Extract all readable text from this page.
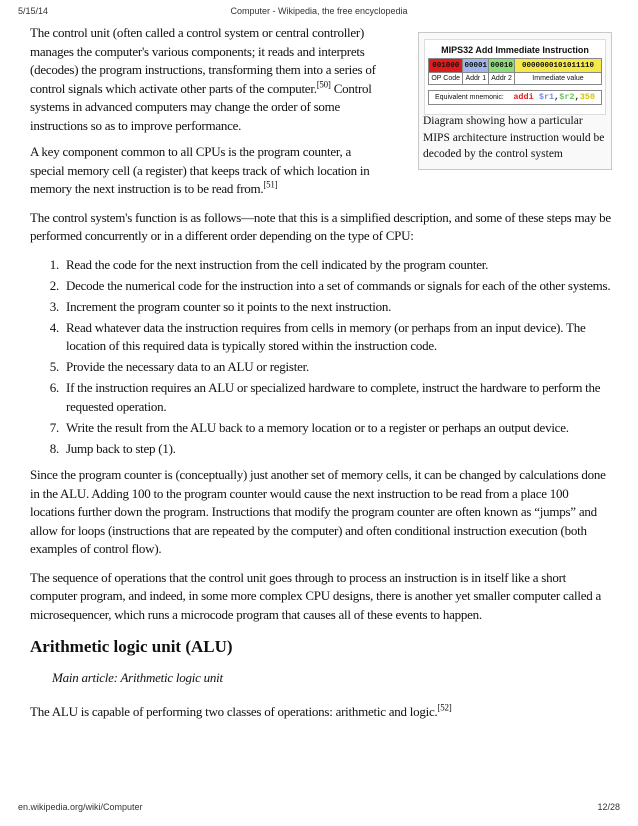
5/15/14	Computer - Wikipedia, the free encyclopedia
MIPS32 Add Immediate Instruction
001000 00001 00010	0000000101011110
OP Code Addr 1 Addr 2	Immediate value
Equivalent mnemonic: addi $r1,$r2,350
Diagram showing how a particular MIPS architecture instruction would be decoded by the control system

The control unit (often called a control system or central controller) manages the computer's various components; it reads and interprets (decodes) the program instructions, transforming them into a series of control signals which activate other parts of the computer.[50] Control systems in advanced computers may change the order of some instructions so as to improve performance.

A key component common to all CPUs is the program counter, a special memory cell (a register) that keeps track of which location in memory the next instruction is to be read from.[51]

The control system's function is as follows—note that this is a simplified description, and some of these steps may be performed concurrently or in a different order depending on the type of CPU:

1. Read the code for the next instruction from the cell indicated by the program counter.
2. Decode the numerical code for the instruction into a set of commands or signals for each of the other systems.
3. Increment the program counter so it points to the next instruction.
4. Read whatever data the instruction requires from cells in memory (or perhaps from an input device). The location of this required data is typically stored within the instruction code.
5. Provide the necessary data to an ALU or register.
6. If the instruction requires an ALU or specialized hardware to complete, instruct the hardware to perform the requested operation.
7. Write the result from the ALU back to a memory location or to a register or perhaps an output device.
8. Jump back to step (1).

Since the program counter is (conceptually) just another set of memory cells, it can be changed by calculations done in the ALU. Adding 100 to the program counter would cause the next instruction to be read from a place 100 locations further down the program. Instructions that modify the program counter are often known as “jumps” and allow for loops (instructions that are repeated by the computer) and often conditional instruction execution (both examples of control flow).

The sequence of operations that the control unit goes through to process an instruction is in itself like a short computer program, and indeed, in some more complex CPU designs, there is another yet smaller computer called a microsequencer, which runs a microcode program that causes all of these events to happen.

Arithmetic logic unit (ALU)
Main article: Arithmetic logic unit

The ALU is capable of performing two classes of operations: arithmetic and logic.[52]

en.wikipedia.org/wiki/Computer	12/28
